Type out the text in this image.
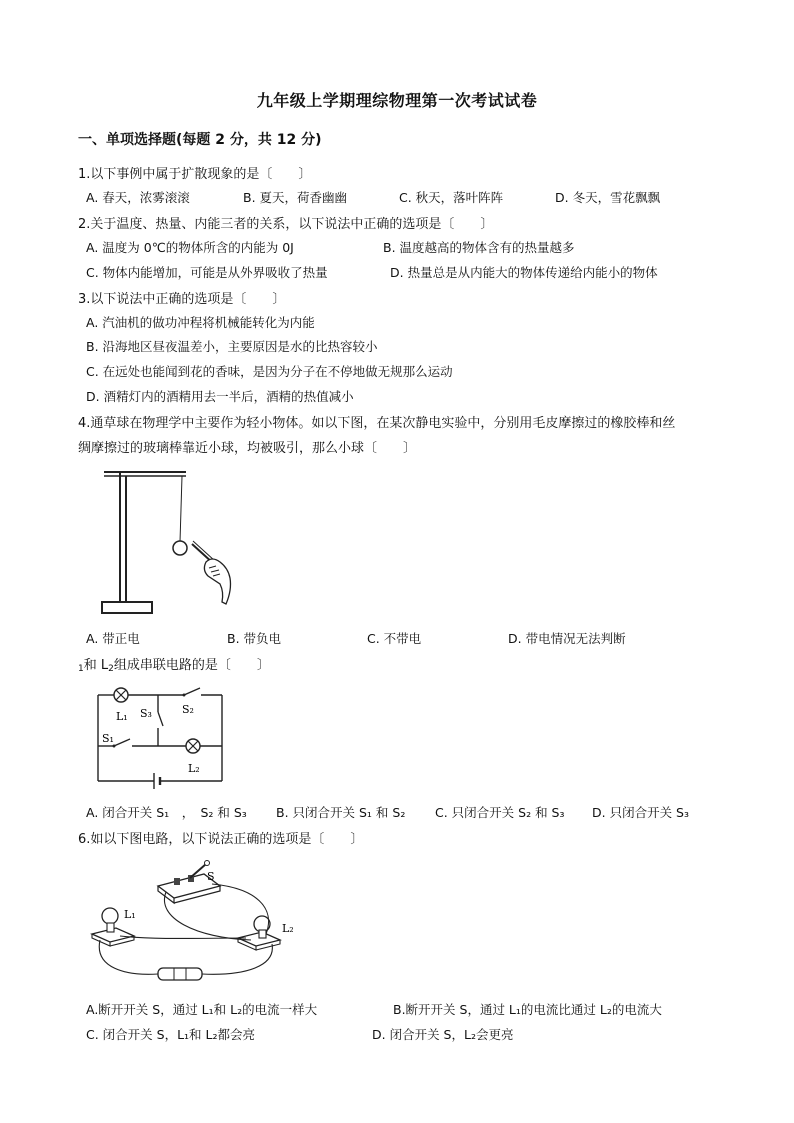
九年级上学期理综物理第一次考试试卷
一、单项选择题(每题 2 分，共 12 分)
1.以下事例中属于扩散现象的是〔　　〕
A. 春天，浓雾滚滚	B. 夏天，荷香幽幽	C. 秋天，落叶阵阵	D. 冬天，雪花飘飘
2.关于温度、热量、内能三者的关系，以下说法中正确的选项是〔　　〕
A. 温度为 0℃的物体所含的内能为 0J	B. 温度越高的物体含有的热量越多
C. 物体内能增加，可能是从外界吸收了热量	D. 热量总是从内能大的物体传递给内能小的物体
3.以下说法中正确的选项是〔　　〕
A. 汽油机的做功冲程将机械能转化为内能
B. 沿海地区昼夜温差小，主要原因是水的比热容较小
C. 在远处也能闻到花的香味，是因为分子在不停地做无规那么运动
D. 酒精灯内的酒精用去一半后，酒精的热值减小
4.通草球在物理学中主要作为轻小物体。如以下图，在某次静电实验中，分别用毛皮摩擦过的橡胶棒和丝
绸摩擦过的玻璃棒靠近小球，均被吸引，那么小球〔　　〕
A. 带正电	B. 带负电	C. 不带电	D. 带电情况无法判断
$_1$和 $L_2$组成串联电路的是〔　　〕
L₁ S₃	S₂
S₁
L₂
A. 闭合开关 S₁　，　S₂ 和 S₃ B. 只闭合开关 S₁ 和 S₂ C. 只闭合开关 S₂ 和 S₃ D. 只闭合开关 S₃
6.如以下图电路，以下说法正确的选项是〔　　〕
S
L₁
L₂
A.断开开关 S，通过 L₁和 L₂的电流一样大	B.断开开关 S，通过 L₁的电流比通过 L₂的电流大
C. 闭合开关 S，L₁和 L₂都会亮	D. 闭合开关 S，L₂会更亮
